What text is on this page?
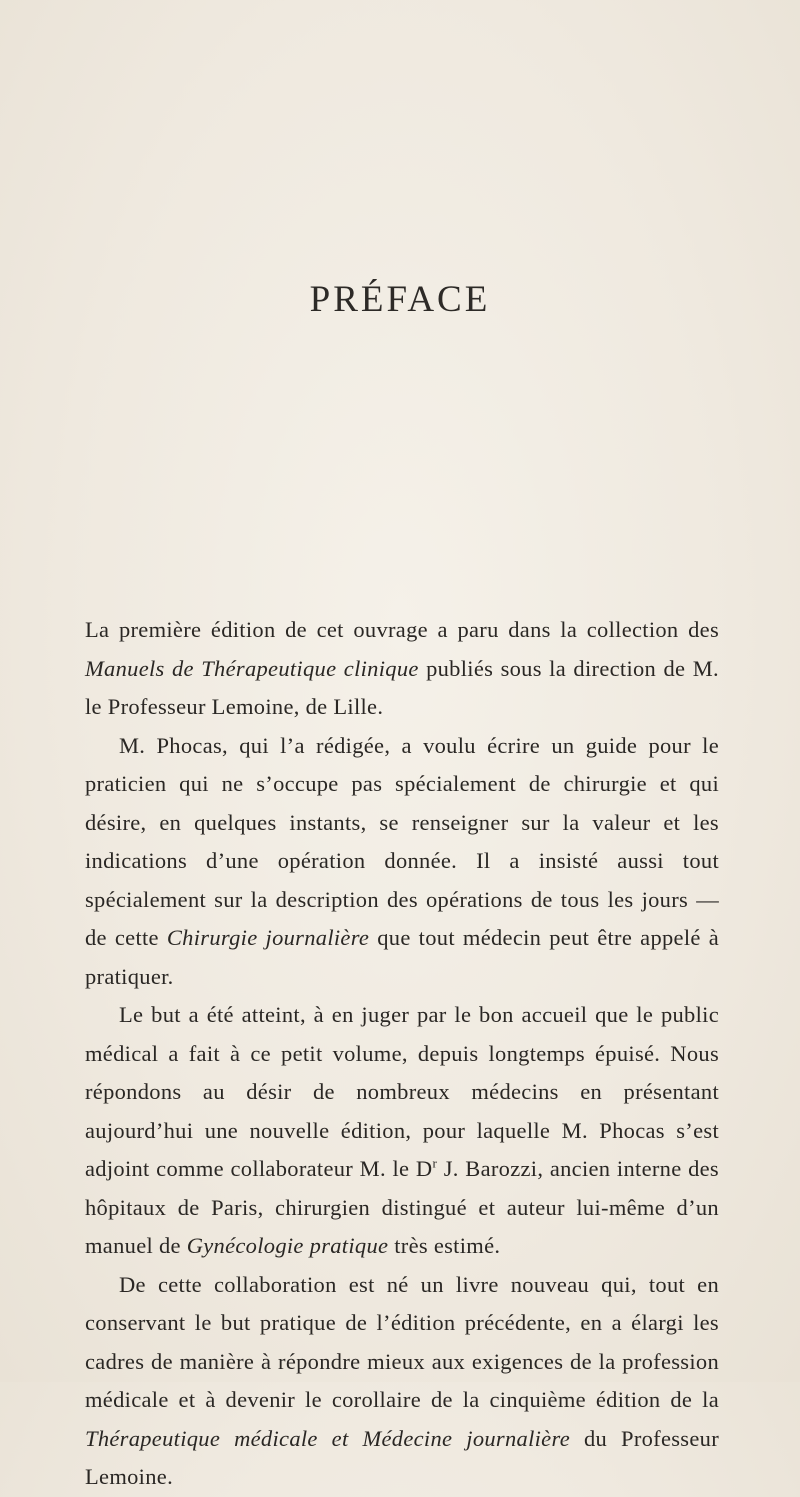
PRÉFACE

La première édition de cet ouvrage a paru dans la collection des Manuels de Thérapeutique clinique publiés sous la direction de M. le Professeur Lemoine, de Lille.

M. Phocas, qui l’a rédigée, a voulu écrire un guide pour le praticien qui ne s’occupe pas spécialement de chirurgie et qui désire, en quelques instants, se renseigner sur la valeur et les indications d’une opération donnée. Il a insisté aussi tout spécialement sur la description des opérations de tous les jours — de cette Chirurgie journalière que tout médecin peut être appelé à pratiquer.

Le but a été atteint, à en juger par le bon accueil que le public médical a fait à ce petit volume, depuis longtemps épuisé. Nous répondons au désir de nombreux médecins en présentant aujourd’hui une nouvelle édition, pour laquelle M. Phocas s’est adjoint comme collaborateur M. le $D^r$ J. Barozzi, ancien interne des hôpitaux de Paris, chirurgien distingué et auteur lui-même d’un manuel de Gynécologie pratique très estimé.

De cette collaboration est né un livre nouveau qui, tout en conservant le but pratique de l’édition précédente, en a élargi les cadres de manière à répondre mieux aux exigences de la profession médicale et à devenir le corollaire de la cinquième édition de la Thérapeutique médicale et Médecine journalière du Professeur Lemoine.
